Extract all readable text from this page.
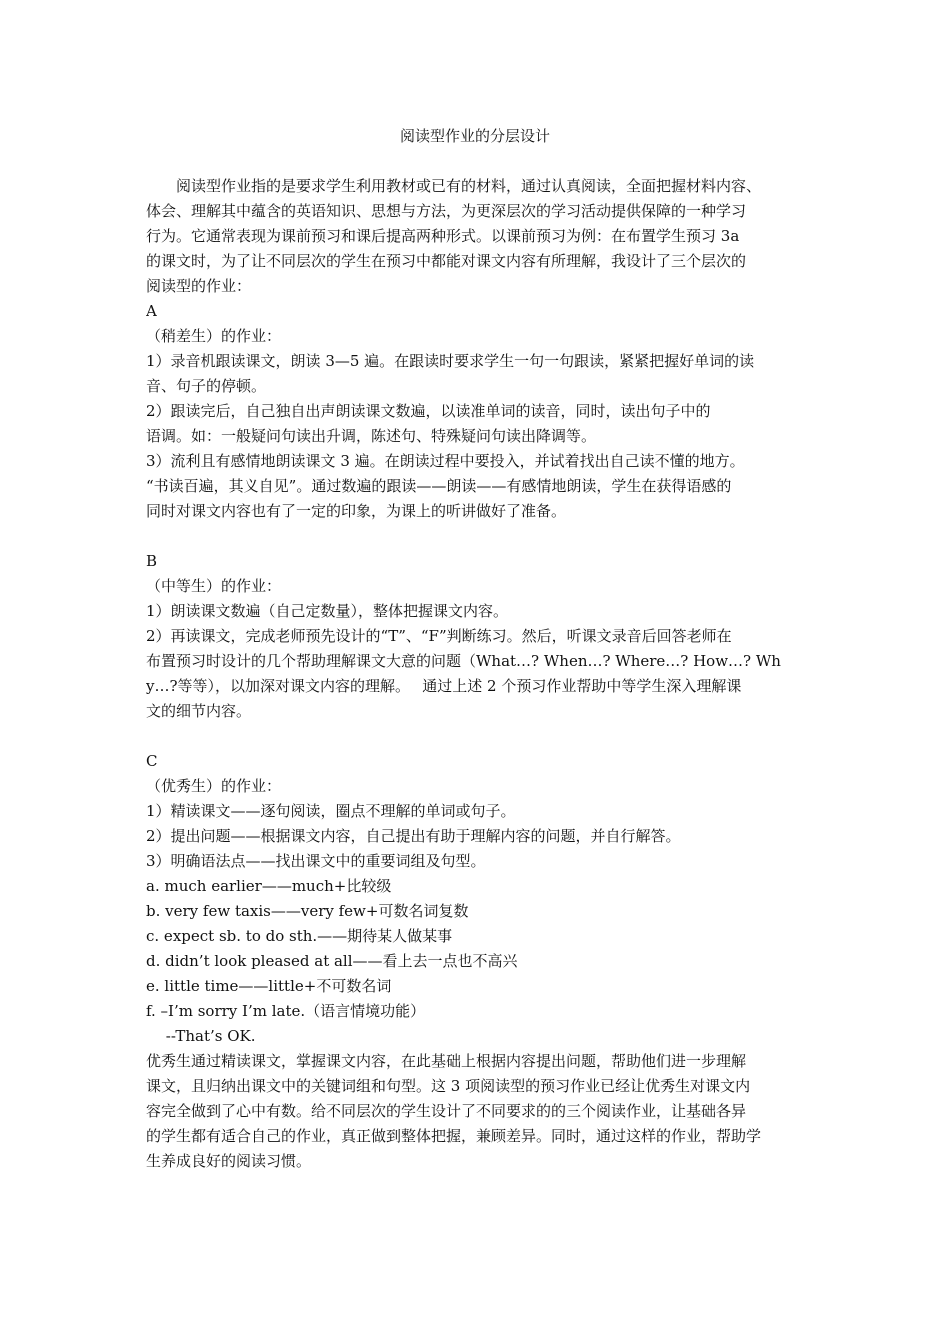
阅读型作业的分层设计
　　阅读型作业指的是要求学生利用教材或已有的材料，通过认真阅读，全面把握材料内容、
体会、理解其中蕴含的英语知识、思想与方法，为更深层次的学习活动提供保障的一种学习
行为。它通常表现为课前预习和课后提高两种形式。以课前预习为例：在布置学生预习 3a
的课文时，为了让不同层次的学生在预习中都能对课文内容有所理解，我设计了三个层次的
阅读型的作业：
A
（稍差生）的作业：
1）录音机跟读课文，朗读 3—5 遍。在跟读时要求学生一句一句跟读，紧紧把握好单词的读
音、句子的停顿。
2）跟读完后，自己独自出声朗读课文数遍，以读准单词的读音，同时，读出句子中的
语调。如：一般疑问句读出升调，陈述句、特殊疑问句读出降调等。
3）流利且有感情地朗读课文 3 遍。在朗读过程中要投入，并试着找出自己读不懂的地方。
“书读百遍，其义自见”。通过数遍的跟读——朗读——有感情地朗读，学生在获得语感的
同时对课文内容也有了一定的印象，为课上的听讲做好了准备。
B
（中等生）的作业：
1）朗读课文数遍（自己定数量），整体把握课文内容。
2）再读课文，完成老师预先设计的“T”、“F”判断练习。然后，听课文录音后回答老师在
布置预习时设计的几个帮助理解课文大意的问题（What…? When…? Where…? How…? Wh
y…?等等），以加深对课文内容的理解。　 通过上述 2 个预习作业帮助中等学生深入理解课
文的细节内容。
C
（优秀生）的作业：
1）精读课文——逐句阅读，圈点不理解的单词或句子。
2）提出问题——根据课文内容，自己提出有助于理解内容的问题，并自行解答。
3）明确语法点——找出课文中的重要词组及句型。
a. much earlier——much+比较级
b. very few taxis——very few+可数名词复数
c. expect sb. to do sth.——期待某人做某事
d. didn’t look pleased at all——看上去一点也不高兴
e. little time——little+不可数名词
f. –I’m sorry I’m late.（语言情境功能）
　 --That’s OK.
优秀生通过精读课文，掌握课文内容，在此基础上根据内容提出问题，帮助他们进一步理解
课文，且归纳出课文中的关键词组和句型。这 3 项阅读型的预习作业已经让优秀生对课文内
容完全做到了心中有数。给不同层次的学生设计了不同要求的的三个阅读作业，让基础各异
的学生都有适合自己的作业，真正做到整体把握，兼顾差异。同时，通过这样的作业，帮助学
生养成良好的阅读习惯。
